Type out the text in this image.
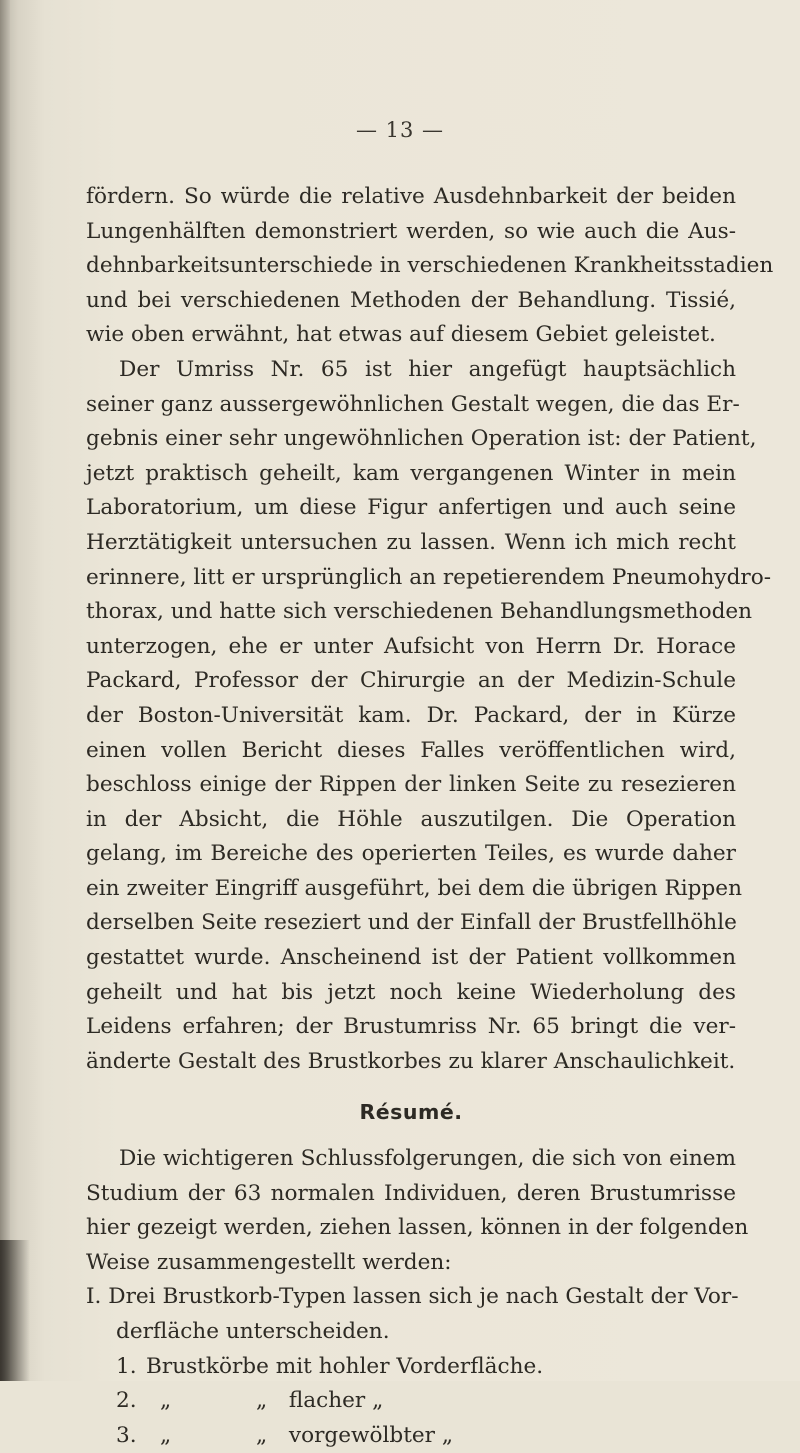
— 13 —
fördern. So würde die relative Ausdehnbarkeit der beiden
Lungenhälften demonstriert werden, so wie auch die Aus-
dehnbarkeitsunterschiede in verschiedenen Krankheitsstadien
und bei verschiedenen Methoden der Behandlung. Tissié,
wie oben erwähnt, hat etwas auf diesem Gebiet geleistet.
Der Umriss Nr. 65 ist hier angefügt hauptsächlich
seiner ganz aussergewöhnlichen Gestalt wegen, die das Er-
gebnis einer sehr ungewöhnlichen Operation ist: der Patient,
jetzt praktisch geheilt, kam vergangenen Winter in mein
Laboratorium, um diese Figur anfertigen und auch seine
Herztätigkeit untersuchen zu lassen. Wenn ich mich recht
erinnere, litt er ursprünglich an repetierendem Pneumohydro-
thorax, und hatte sich verschiedenen Behandlungsmethoden
unterzogen, ehe er unter Aufsicht von Herrn Dr. Horace
Packard, Professor der Chirurgie an der Medizin-Schule
der Boston-Universität kam. Dr. Packard, der in Kürze
einen vollen Bericht dieses Falles veröffentlichen wird,
beschloss einige der Rippen der linken Seite zu resezieren
in der Absicht, die Höhle auszutilgen. Die Operation
gelang, im Bereiche des operierten Teiles, es wurde daher
ein zweiter Eingriff ausgeführt, bei dem die übrigen Rippen
derselben Seite reseziert und der Einfall der Brustfellhöhle
gestattet wurde. Anscheinend ist der Patient vollkommen
geheilt und hat bis jetzt noch keine Wiederholung des
Leidens erfahren; der Brustumriss Nr. 65 bringt die ver-
änderte Gestalt des Brustkorbes zu klarer Anschaulichkeit.
Résumé.
Die wichtigeren Schlussfolgerungen, die sich von einem
Studium der 63 normalen Individuen, deren Brustumrisse
hier gezeigt werden, ziehen lassen, können in der folgenden
Weise zusammengestellt werden:
I. Drei Brustkorb-Typen lassen sich je nach Gestalt der Vor-
derfläche unterscheiden.
1. Brustkörbe mit hohler Vorderfläche.
2. „	„ flacher „
3. „	„ vorgewölbter „
